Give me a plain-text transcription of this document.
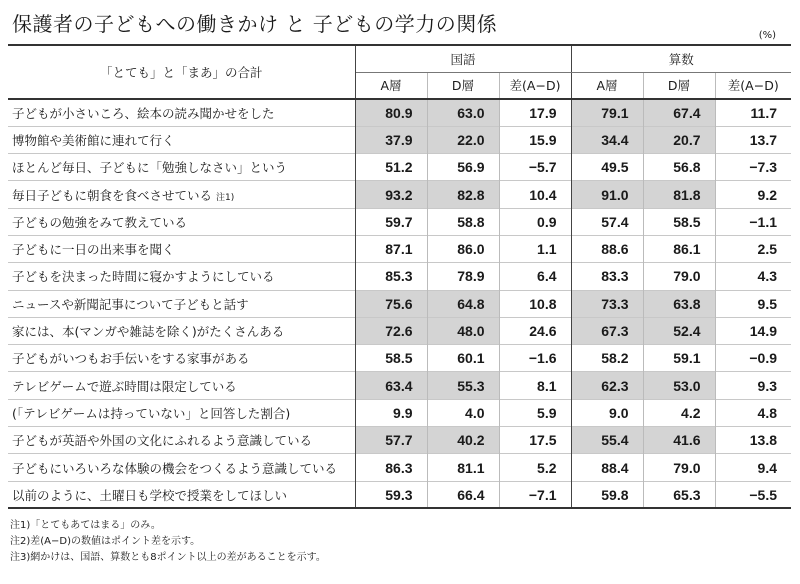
保護者の子どもへの働きかけ と 子どもの学力の関係	(%)
「とても」と「まあ」の合計	国語			算数		
	A層	D層	差(A−D)	A層	D層	差(A−D)
子どもが小さいころ、絵本の読み聞かせをした	80.9	63.0	17.9	79.1	67.4	11.7
博物館や美術館に連れて行く	37.9	22.0	15.9	34.4	20.7	13.7
ほとんど毎日、子どもに「勉強しなさい」という	51.2	56.9	−5.7	49.5	56.8	−7.3
毎日子どもに朝食を食べさせている 注1)	93.2	82.8	10.4	91.0	81.8	9.2
子どもの勉強をみて教えている	59.7	58.8	0.9	57.4	58.5	−1.1
子どもに一日の出来事を聞く	87.1	86.0	1.1	88.6	86.1	2.5
子どもを決まった時間に寝かすようにしている	85.3	78.9	6.4	83.3	79.0	4.3
ニュースや新聞記事について子どもと話す	75.6	64.8	10.8	73.3	63.8	9.5
家には、本(マンガや雑誌を除く)がたくさんある	72.6	48.0	24.6	67.3	52.4	14.9
子どもがいつもお手伝いをする家事がある	58.5	60.1	−1.6	58.2	59.1	−0.9
テレビゲームで遊ぶ時間は限定している	63.4	55.3	8.1	62.3	53.0	9.3
(「テレビゲームは持っていない」と回答した割合)	9.9	4.0	5.9	9.0	4.2	4.8
子どもが英語や外国の文化にふれるよう意識している	57.7	40.2	17.5	55.4	41.6	13.8
子どもにいろいろな体験の機会をつくるよう意識している	86.3	81.1	5.2	88.4	79.0	9.4
以前のように、土曜日も学校で授業をしてほしい	59.3	66.4	−7.1	59.8	65.3	−5.5
注1)「とてもあてはまる」のみ。
注2)差(A−D)の数値はポイント差を示す。
注3)網かけは、国語、算数とも8ポイント以上の差があることを示す。
